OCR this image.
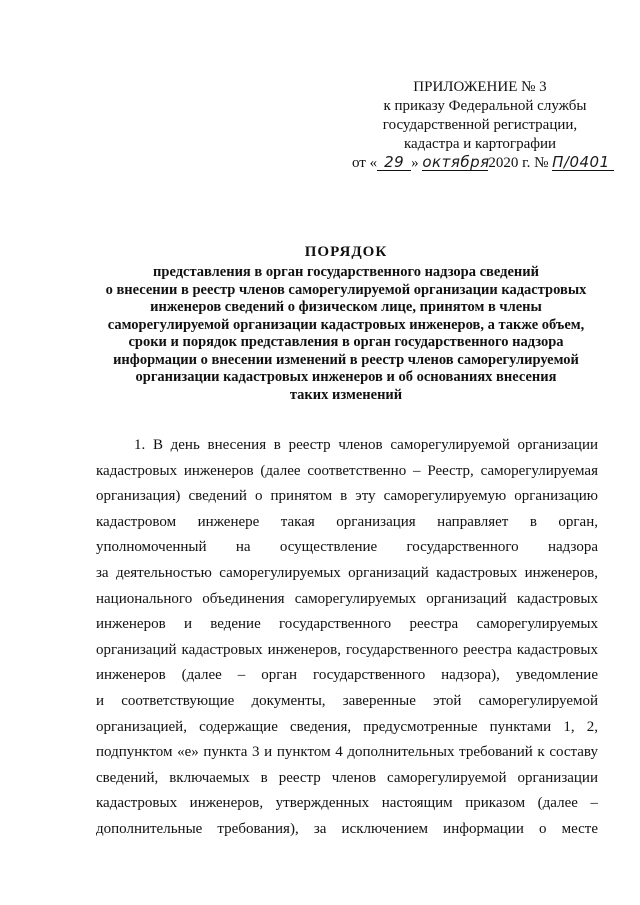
ПРИЛОЖЕНИЕ № 3
к приказу Федеральной службы
государственной регистрации,
кадастра и картографии
от « 29 » октября2020 г. № П/0401
ПОРЯДОК
представления в орган государственного надзора сведений
о внесении в реестр членов саморегулируемой организации кадастровых
инженеров сведений о физическом лице, принятом в члены
саморегулируемой организации кадастровых инженеров, а также объем,
сроки и порядок представления в орган государственного надзора
информации о внесении изменений в реестр членов саморегулируемой
организации кадастровых инженеров и об основаниях внесения
таких изменений
1. В день внесения в реестр членов саморегулируемой организации
кадастровых инженеров (далее соответственно – Реестр, саморегулируемая
организация) сведений о принятом в эту саморегулируемую организацию
кадастровом инженере такая организация направляет в орган,
уполномоченный на осуществление государственного надзора
за деятельностью саморегулируемых организаций кадастровых инженеров,
национального объединения саморегулируемых организаций кадастровых
инженеров и ведение государственного реестра саморегулируемых
организаций кадастровых инженеров, государственного реестра кадастровых
инженеров (далее – орган государственного надзора), уведомление
и соответствующие документы, заверенные этой саморегулируемой
организацией, содержащие сведения, предусмотренные пунктами 1, 2,
подпунктом «е» пункта 3 и пунктом 4 дополнительных требований к составу
сведений, включаемых в реестр членов саморегулируемой организации
кадастровых инженеров, утвержденных настоящим приказом (далее –
дополнительные требования), за исключением информации о месте
